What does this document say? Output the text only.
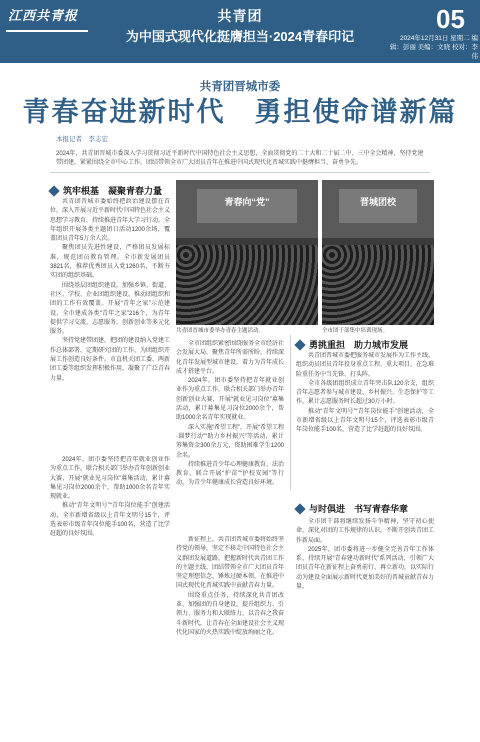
江西共青报	共青团
为中国式现代化挺膺担当·2024青春印记
05
2024年12月31日 星期二 编辑：彭丽 美编：文晓 校对：李伟
共青团晋城市委
青春奋进新时代　勇担使命谱新篇
本报记者　李志宏
2024年，共青团晋城市委深入学习贯彻习近平新时代中国特色社会主义思想，全面贯彻党的二十大和二十届二中、三中全会精神，坚持党建带团建，紧紧围绕全市中心工作，团结带领全市广大团员青年在推进中国式现代化晋城实践中挺膺担当、奋勇争先。
筑牢根基　凝聚青春力量

共青团晋城市委始终把政治建设摆在首位，深入开展习近平新时代中国特色社会主义思想学习教育，持续推进青年大学习行动。全年组织开展各类主题团日活动1200余场，覆盖团员青年5万余人次。

聚焦团员先进性建设，严格团员发展标准，规范团员教育管理。全市新发展团员3821名，推荐优秀团员入党1260名，不断夯实团的组织基础。

围绕基层团组织建设，加强乡镇、街道、社区、学校、企业团组织建设，推动团组织和团的工作有效覆盖。开展“青年之家”示范建设，全市建成各类“青年之家”216个，为青年提供学习交流、志愿服务、创新创业等多元化服务。

坚持党建带团建，把团的建设纳入党建工作总体部署，定期研究团的工作，为团组织开展工作创造良好条件。市直机关团工委、两新团工委等组织发挥积极作用，凝聚了广泛青春力量。

青春向“党”
共青团晋城市委举办青春主题活动。
晋城团校
全市团干部集中培训现场。

全市团组织紧密围绕服务全市经济社会发展大局，聚焦青年所需所盼，持续深化青年发展型城市建设，着力为青年成长成才搭建平台。

2024年，团市委坚持把青年就业创业作为重点工作，联合相关部门举办青年创新创业大赛，开展“就业见习岗位”募集活动，累计募集见习岗位2000余个，帮助1000余名青年实现就业。

深入实施“希望工程”，开展“希望工程·圆梦行动”“助力乡村振兴”等活动，累计筹集资金300余万元，资助困难学生1200余名。

持续推进青少年心理健康教育、法治教育，联合开展“护苗”“护校安园”等行动，为青少年健康成长营造良好环境。

勇挑重担　助力城市发展

共青团晋城市委把服务城市发展作为工作主线，组织动员团员青年投身重点工程、重大项目，在急难险重任务中当先锋、打头阵。

全市各级团组织成立青年突击队120余支，组织青年志愿者参与城市建设、乡村振兴、生态保护等工作，累计志愿服务时长超过30万小时。

推动“青年文明号”“青年岗位能手”创建活动，全市新增省级以上青年文明号15个，评选表彰市级青年岗位能手100名，营造了比学赶超的良好氛围。

与时俱进　书写青春华章

2024年，团市委坚持把青年就业创业作为重点工作，联合相关部门举办青年创新创业大赛，开展“就业见习岗位”募集活动，累计募集见习岗位2000余个，帮助1000余名青年实现就业。

推动“青年文明号”“青年岗位能手”创建活动，全市新增省级以上青年文明号15个，评选表彰市级青年岗位能手100名，营造了比学赶超的良好氛围。

新征程上，共青团晋城市委将始终坚持党的领导，坚定不移走中国特色社会主义群团发展道路，把握新时代共青团工作的主题主线，团结带领全市广大团员青年坚定理想信念、锤炼过硬本领，在推进中国式现代化晋城实践中贡献青春力量。

围绕重点任务，持续深化共青团改革，加强团的自身建设，提升组织力、引领力、服务力和大联络力，以青春之我奋斗新时代，让青春在全面建设社会主义现代化国家的火热实践中绽放绚丽之花。

全市团干部将继续发扬斗争精神，坚守初心使命，深化对团的工作规律的认识，不断开创共青团工作新局面。

2025年，团市委将进一步健全完善青年工作体系，持续开展“青春建功新时代”系列活动，引领广大团员青年在新征程上奋勇前行、再立新功，以实际行动为建设全面展示新时代更加美好的晋城贡献青春力量。
